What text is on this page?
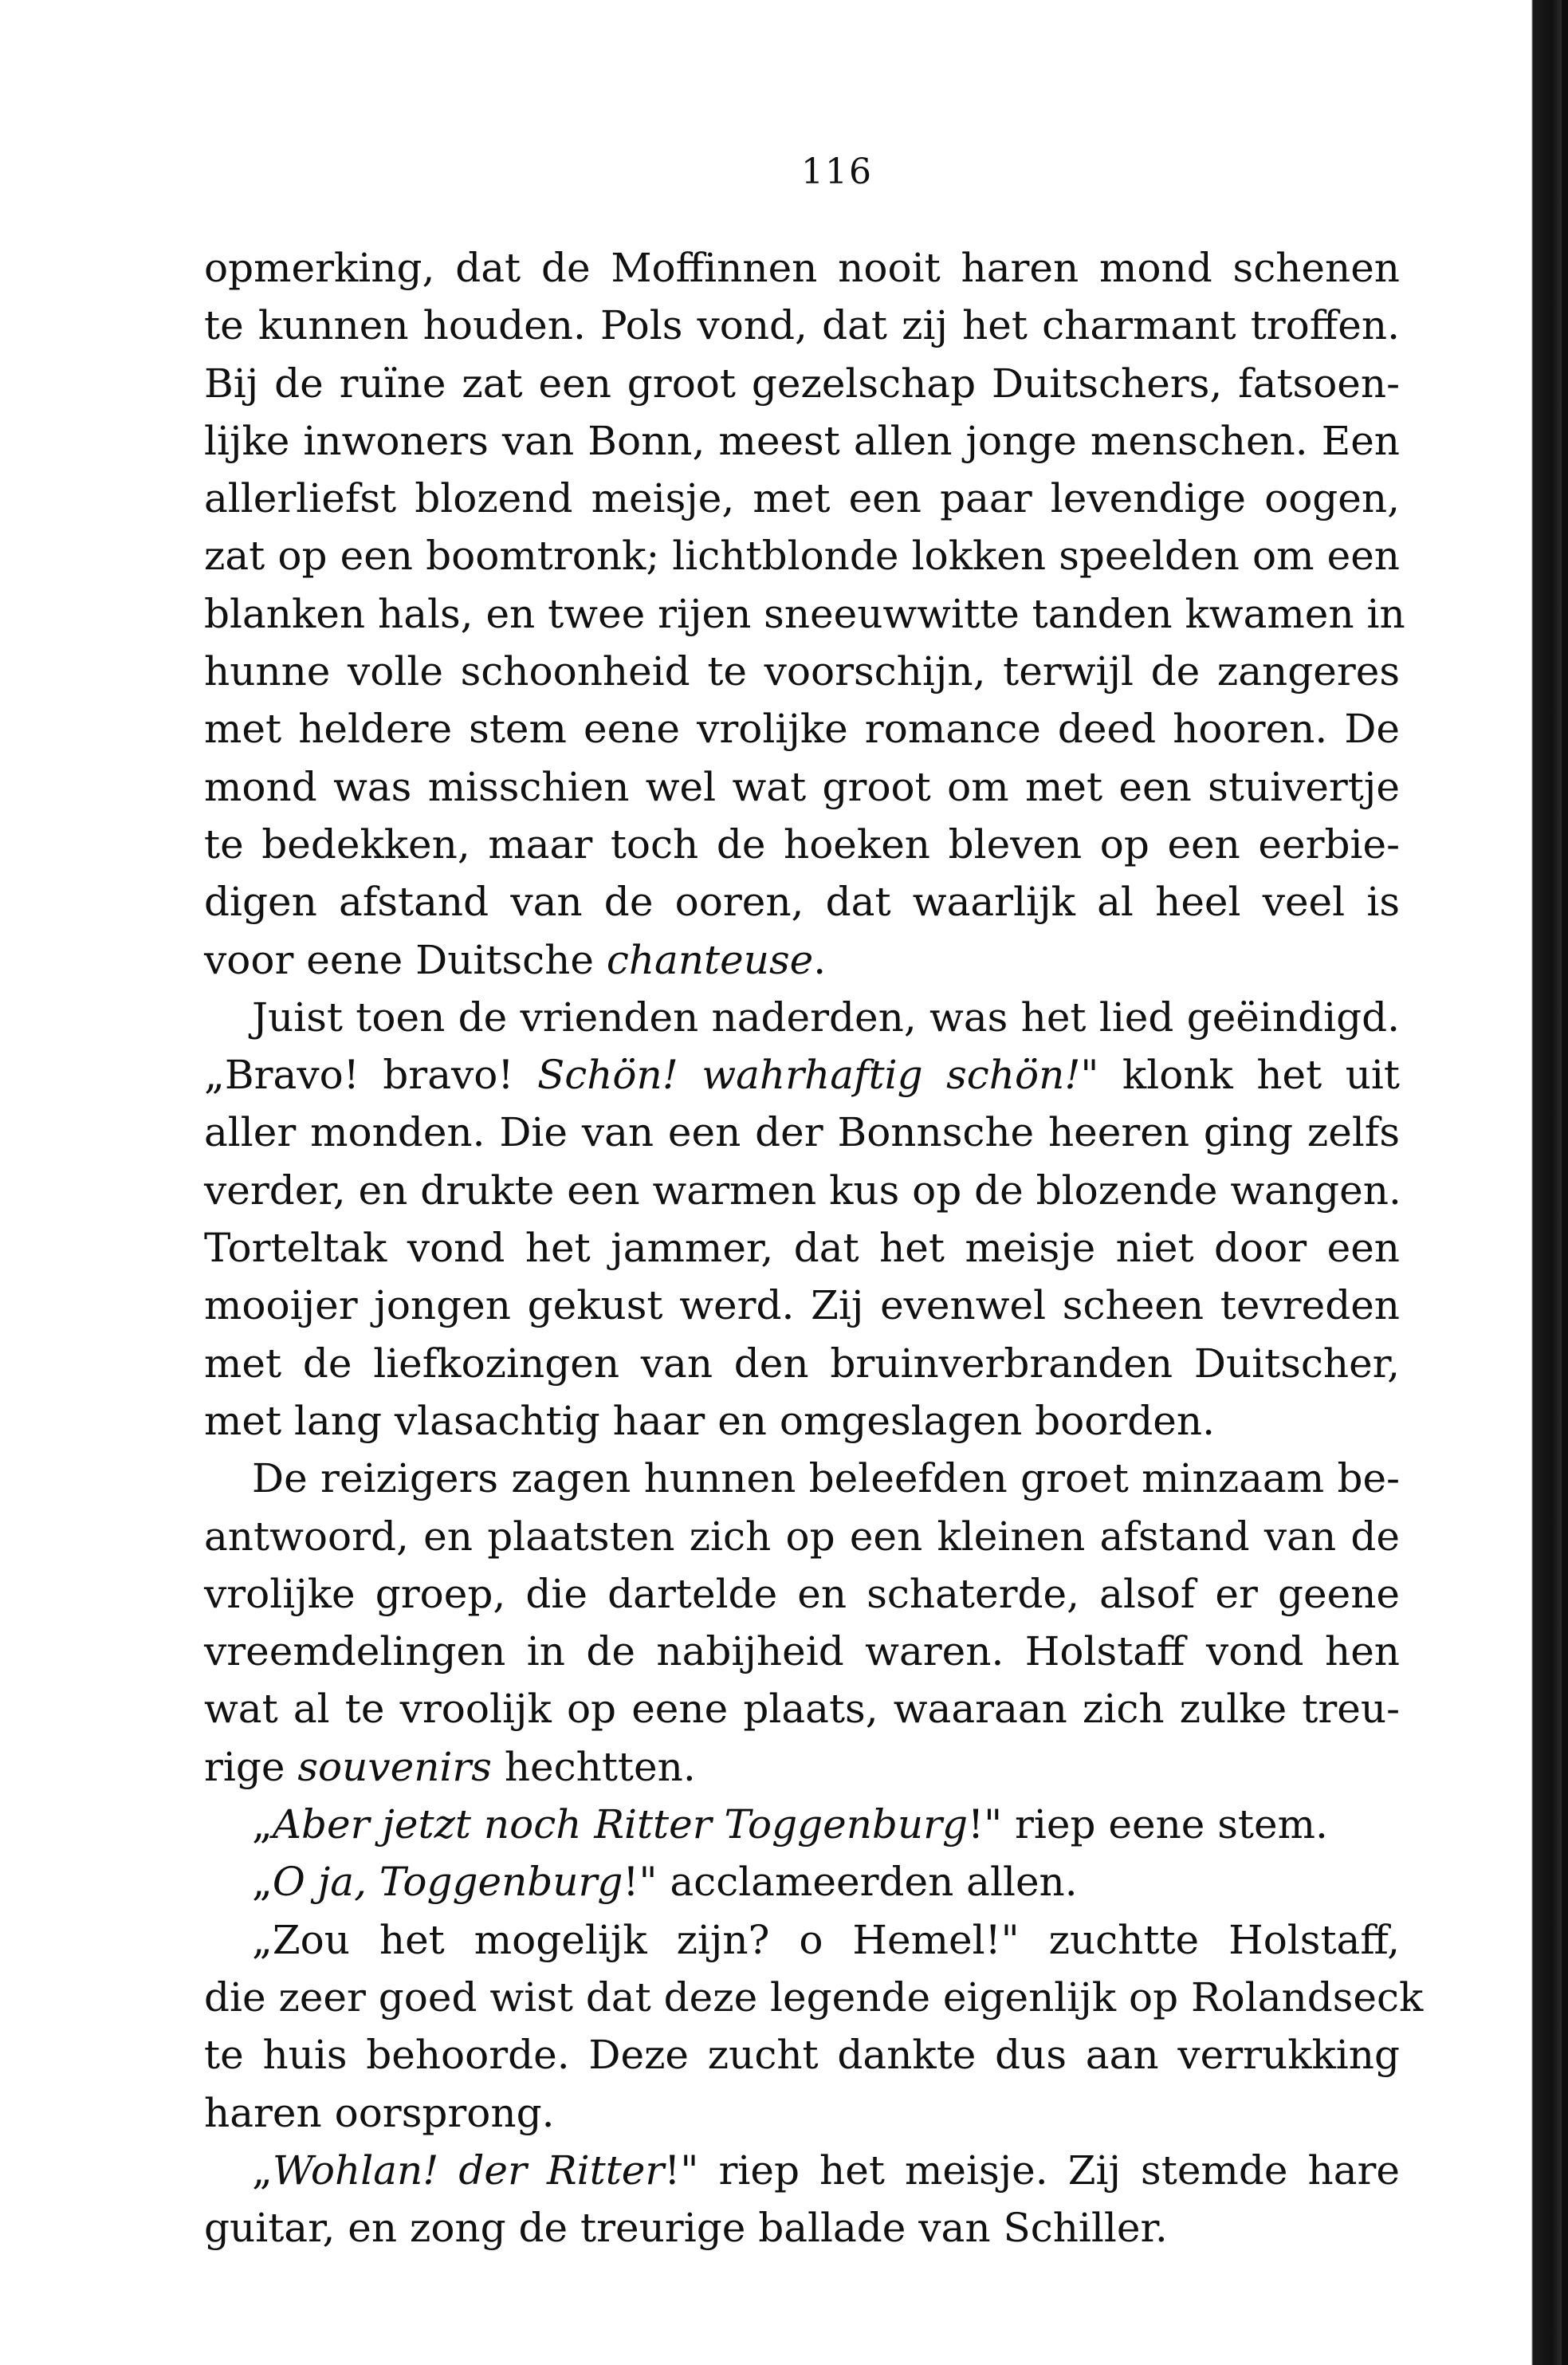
116
opmerking, dat de Moffinnen nooit haren mond schenen
te kunnen houden. Pols vond, dat zij het charmant troffen.
Bij de ruïne zat een groot gezelschap Duitschers, fatsoen-
lijke inwoners van Bonn, meest allen jonge menschen. Een
allerliefst blozend meisje, met een paar levendige oogen,
zat op een boomtronk; lichtblonde lokken speelden om een
blanken hals, en twee rijen sneeuwwitte tanden kwamen in
hunne volle schoonheid te voorschijn, terwijl de zangeres
met heldere stem eene vrolijke romance deed hooren. De
mond was misschien wel wat groot om met een stuivertje
te bedekken, maar toch de hoeken bleven op een eerbie-
digen afstand van de ooren, dat waarlijk al heel veel is
voor eene Duitsche chanteuse.
Juist toen de vrienden naderden, was het lied geëindigd.
„Bravo! bravo! Schön! wahrhaftig schön!" klonk het uit
aller monden. Die van een der Bonnsche heeren ging zelfs
verder, en drukte een warmen kus op de blozende wangen.
Torteltak vond het jammer, dat het meisje niet door een
mooijer jongen gekust werd. Zij evenwel scheen tevreden
met de liefkozingen van den bruinverbranden Duitscher,
met lang vlasachtig haar en omgeslagen boorden.
De reizigers zagen hunnen beleefden groet minzaam be-
antwoord, en plaatsten zich op een kleinen afstand van de
vrolijke groep, die dartelde en schaterde, alsof er geene
vreemdelingen in de nabijheid waren. Holstaff vond hen
wat al te vroolijk op eene plaats, waaraan zich zulke treu-
rige souvenirs hechtten.
„Aber jetzt noch Ritter Toggenburg!" riep eene stem.
„O ja, Toggenburg!" acclameerden allen.
„Zou het mogelijk zijn? o Hemel!" zuchtte Holstaff,
die zeer goed wist dat deze legende eigenlijk op Rolandseck
te huis behoorde. Deze zucht dankte dus aan verrukking
haren oorsprong.
„Wohlan! der Ritter!" riep het meisje. Zij stemde hare
guitar, en zong de treurige ballade van Schiller.
